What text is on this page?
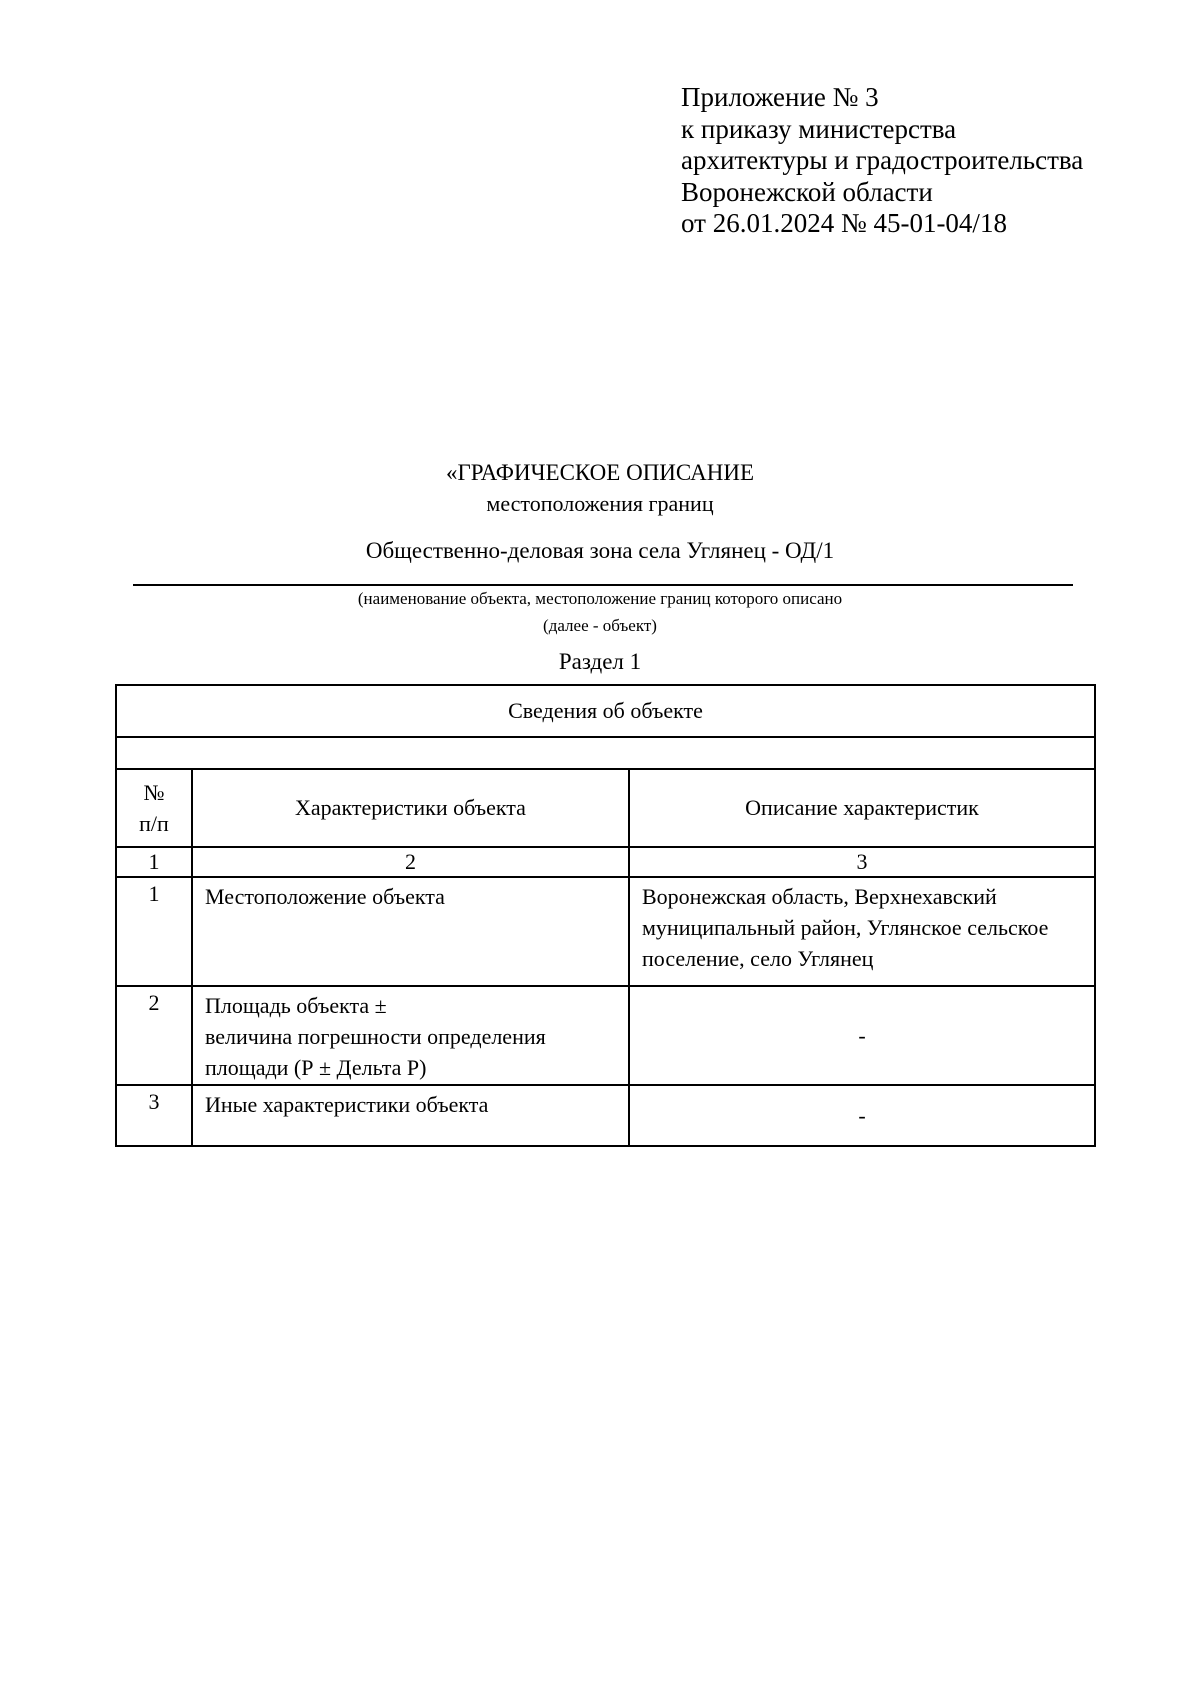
Приложение № 3
к приказу министерства
архитектуры и градостроительства
Воронежской области
от 26.01.2024 № 45-01-04/18
«ГРАФИЧЕСКОЕ ОПИСАНИЕ
местоположения границ
Общественно-деловая зона села Углянец - ОД/1
(наименование объекта, местоположение границ которого описано
(далее - объект)
Раздел 1
Сведения об объекте		

№
п/п	Характеристики объекта	Описание характеристик
1	2	3
1	Местоположение объекта	Воронежская область, Верхнехавский муниципальный район, Углянское сельское поселение, село Углянец
2	Площадь объекта ±
величина погрешности определения
площади (Р ± Дельта Р)	-
3	Иные характеристики объекта	-
